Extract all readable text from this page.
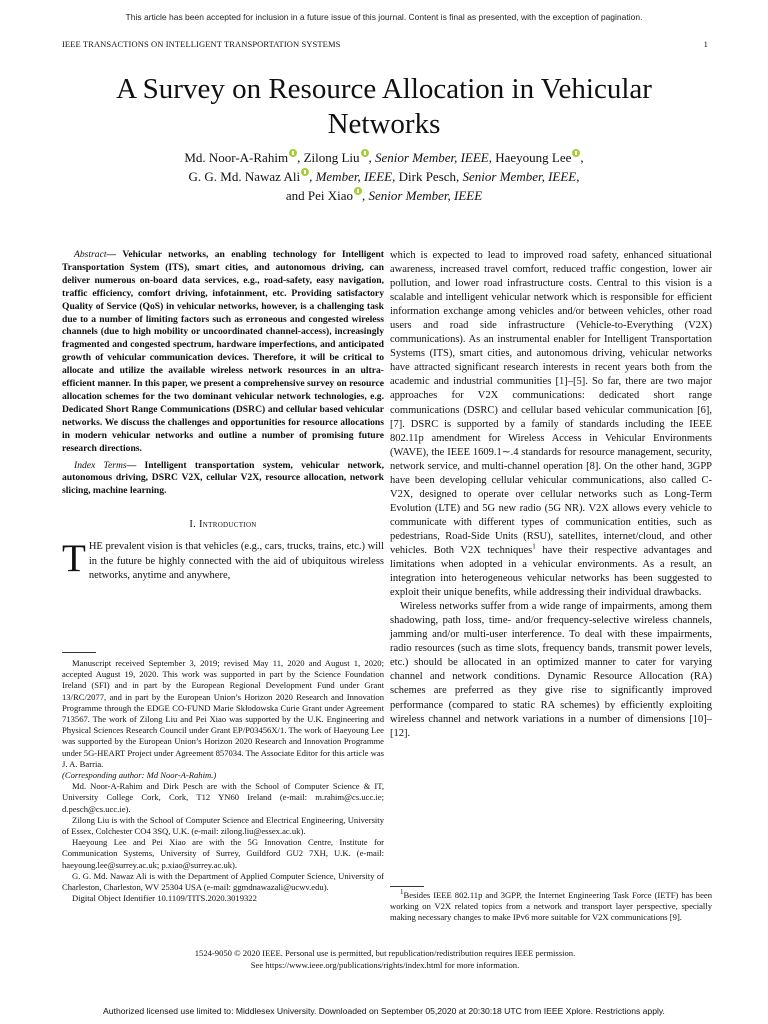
This article has been accepted for inclusion in a future issue of this journal. Content is final as presented, with the exception of pagination.
IEEE TRANSACTIONS ON INTELLIGENT TRANSPORTATION SYSTEMS	1
A Survey on Resource Allocation in Vehicular Networks
Md. Noor-A-Rahim , Zilong Liu , Senior Member, IEEE, Haeyoung Lee ,
G. G. Md. Nawaz Ali , Member, IEEE, Dirk Pesch, Senior Member, IEEE,
and Pei Xiao , Senior Member, IEEE

Abstract— Vehicular networks, an enabling technology for Intelligent Transportation System (ITS), smart cities, and autonomous driving, can deliver numerous on-board data services, e.g., road-safety, easy navigation, traffic efficiency, comfort driving, infotainment, etc. Providing satisfactory Quality of Service (QoS) in vehicular networks, however, is a challenging task due to a number of limiting factors such as erroneous and congested wireless channels (due to high mobility or uncoordinated channel-access), increasingly fragmented and congested spectrum, hardware imperfections, and anticipated growth of vehicular communication devices. Therefore, it will be critical to allocate and utilize the available wireless network resources in an ultra-efficient manner. In this paper, we present a comprehensive survey on resource allocation schemes for the two dominant vehicular network technologies, e.g. Dedicated Short Range Communications (DSRC) and cellular based vehicular networks. We discuss the challenges and opportunities for resource allocations in modern vehicular networks and outline a number of promising future research directions.

Index Terms— Intelligent transportation system, vehicular network, autonomous driving, DSRC V2X, cellular V2X, resource allocation, network slicing, machine learning.

I. Introduction

THE prevalent vision is that vehicles (e.g., cars, trucks, trains, etc.) will in the future be highly connected with the aid of ubiquitous wireless networks, anytime and anywhere,

Manuscript received September 3, 2019; revised May 11, 2020 and August 1, 2020; accepted August 19, 2020. This work was supported in part by the Science Foundation Ireland (SFI) and in part by the European Regional Development Fund under Grant 13/RC/2077, and in part by the European Union’s Horizon 2020 Research and Innovation Programme through the EDGE CO-FUND Marie Skłodowska Curie Grant under Agreement 713567. The work of Zilong Liu and Pei Xiao was supported by the U.K. Engineering and Physical Sciences Research Council under Grant EP/P03456X/1. The work of Haeyoung Lee was supported by the European Union’s Horizon 2020 Research and Innovation Programme under 5G-HEART Project under Agreement 857034. The Associate Editor for this article was J. A. Barria.

(Corresponding author: Md Noor-A-Rahim.)

Md. Noor-A-Rahim and Dirk Pesch are with the School of Computer Science & IT, University College Cork, Cork, T12 YN60 Ireland (e-mail: m.rahim@cs.ucc.ie; d.pesch@cs.ucc.ie).

Zilong Liu is with the School of Computer Science and Electrical Engineering, University of Essex, Colchester CO4 3SQ, U.K. (e-mail: zilong.liu@essex.ac.uk).

Haeyoung Lee and Pei Xiao are with the 5G Innovation Centre, Institute for Communication Systems, University of Surrey, Guildford GU2 7XH, U.K. (e-mail: haeyoung.lee@surrey.ac.uk; p.xiao@surrey.ac.uk).

G. G. Md. Nawaz Ali is with the Department of Applied Computer Science, University of Charleston, Charleston, WV 25304 USA (e-mail: ggmdnawazali@ucwv.edu).

Digital Object Identifier 10.1109/TITS.2020.3019322

which is expected to lead to improved road safety, enhanced situational awareness, increased travel comfort, reduced traffic congestion, lower air pollution, and lower road infrastructure costs. Central to this vision is a scalable and intelligent vehicular network which is responsible for efficient information exchange among vehicles and/or between vehicles, other road users and road side infrastructure (Vehicle-to-Everything (V2X) communications). As an instrumental enabler for Intelligent Transportation Systems (ITS), smart cities, and autonomous driving, vehicular networks have attracted significant research interests in recent years both from the academic and industrial communities [1]–[5]. So far, there are two major approaches for V2X communications: dedicated short range communications (DSRC) and cellular based vehicular communication [6], [7]. DSRC is supported by a family of standards including the IEEE 802.11p amendment for Wireless Access in Vehicular Environments (WAVE), the IEEE 1609.1∼.4 standards for resource management, security, network service, and multi-channel operation [8]. On the other hand, 3GPP have been developing cellular vehicular communications, also called C-V2X, designed to operate over cellular networks such as Long-Term Evolution (LTE) and 5G new radio (5G NR). V2X allows every vehicle to communicate with different types of communication entities, such as pedestrians, Road-Side Units (RSU), satellites, internet/cloud, and other vehicles. Both V2X techniques$^1$ have their respective advantages and limitations when adopted in a vehicular environments. As a result, an integration into heterogeneous vehicular networks has been suggested to exploit their unique benefits, while addressing their individual drawbacks.

Wireless networks suffer from a wide range of impairments, among them shadowing, path loss, time- and/or frequency-selective wireless channels, jamming and/or multi-user interference. To deal with these impairments, radio resources (such as time slots, frequency bands, transmit power levels, etc.) should be allocated in an optimized manner to cater for varying channel and network conditions. Dynamic Resource Allocation (RA) schemes are preferred as they give rise to significantly improved performance (compared to static RA schemes) by efficiently exploiting wireless channel and network variations in a number of dimensions [10]–[12].

$^1$Besides IEEE 802.11p and 3GPP, the Internet Engineering Task Force (IETF) has been working on V2X related topics from a network and transport layer perspective, specially making necessary changes to make IPv6 more suitable for V2X communications [9].

1524-9050 © 2020 IEEE. Personal use is permitted, but republication/redistribution requires IEEE permission.
See https://www.ieee.org/publications/rights/index.html for more information.
Authorized licensed use limited to: Middlesex University. Downloaded on September 05,2020 at 20:30:18 UTC from IEEE Xplore. Restrictions apply.
